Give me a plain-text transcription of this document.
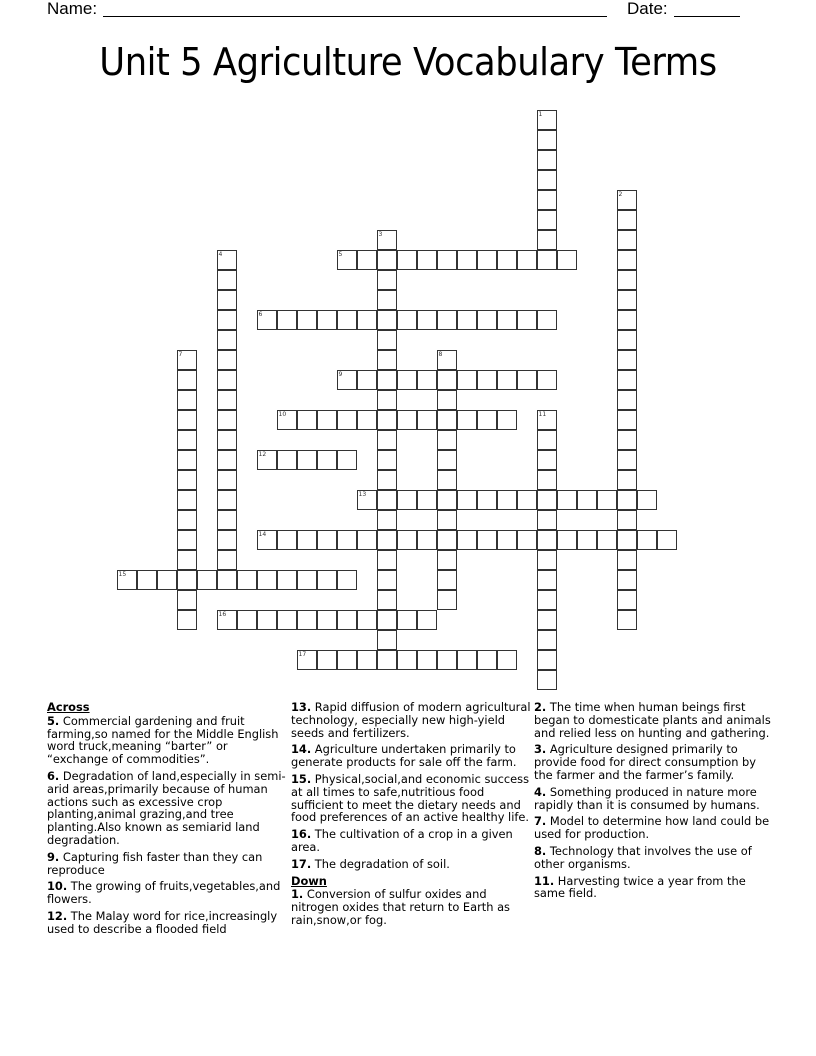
Name:	Date:
Unit 5 Agriculture Vocabulary Terms
1
2
3
4	5
6
7	8
9
10	11
12
13
14
15
16
17
Across
5. Commercial gardening and fruit farming,so named for the Middle English word truck,meaning “barter” or “exchange of commodities”.
6. Degradation of land,especially in semi-arid areas,primarily because of human actions such as excessive crop planting,animal grazing,and tree planting.Also known as semiarid land degradation.
9. Capturing fish faster than they can reproduce
10. The growing of fruits,vegetables,and flowers.
12. The Malay word for rice,increasingly used to describe a flooded field
13. Rapid diffusion of modern agricultural technology, especially new high-yield seeds and fertilizers.
14. Agriculture undertaken primarily to generate products for sale off the farm.
15. Physical,social,and economic success at all times to safe,nutritious food sufficient to meet the dietary needs and food preferences of an active healthy life.
16. The cultivation of a crop in a given area.
17. The degradation of soil.
Down
1. Conversion of sulfur oxides and nitrogen oxides that return to Earth as rain,snow,or fog.
2. The time when human beings first began to domesticate plants and animals and relied less on hunting and gathering.
3. Agriculture designed primarily to provide food for direct consumption by the farmer and the farmer’s family.
4. Something produced in nature more rapidly than it is consumed by humans.
7. Model to determine how land could be used for production.
8. Technology that involves the use of other organisms.
11. Harvesting twice a year from the same field.
